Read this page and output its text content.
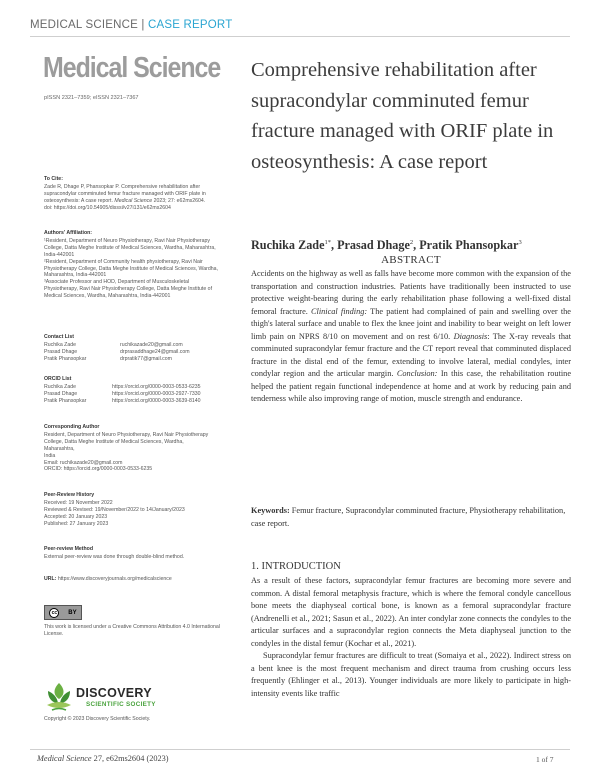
MEDICAL SCIENCE | CASE REPORT
Medical Science
pISSN 2321–7359; eISSN 2321–7367
Comprehensive rehabilitation after supracondylar comminuted femur fracture managed with ORIF plate in osteosynthesis: A case report
Ruchika Zade$^{1*}$, Prasad Dhage$^2$, Pratik Phansopkar$^3$
To Cite:
Zade R, Dhage P, Phansopkar P. Comprehensive rehabilitation after supracondylar comminuted femur fracture managed with ORIF plate in osteosynthesis: A case report. Medical Science 2023; 27: e62ms2604.
doi: https://doi.org/10.54905/disssi/v27i131/e62ms2604
Authors' Affiliation:
¹Resident, Department of Neuro Physiotherapy, Ravi Nair Physiotherapy College, Datta Meghe Institute of Medical Sciences, Wardha, Maharashtra, India-442001
²Resident, Department of Community health physiotherapy, Ravi Nair Physiotherapy College, Datta Meghe Institute of Medical Sciences, Wardha, Maharashtra, India-442001
³Associate Professor and HOD, Department of Musculoskeletal Physiotherapy, Ravi Nair Physiotherapy College, Datta Meghe Institute of Medical Sciences, Wardha, Maharashtra, India-442001
Contact List
Ruchika Zade	ruchikazade20@gmail.com
Prasad Dhage	drprasaddhage24@gmail.com
Pratik Phansopkar	drpratik77@gmail.com
ORCID List
Ruchika Zade	https://orcid.org/0000-0003-0533-6235
Prasad Dhage	https://orcid.org/0000-0003-2927-7330
Pratik Phansopkar	https://orcid.org/0000-0003-3639-8140
Corresponding Author
Resident, Department of Neuro Physiotherapy, Ravi Nair Physiotherapy College, Datta Meghe Institute of Medical Sciences, Wardha,
Maharashtra,
India
Email: ruchikazade20@gmail.com
ORCID: https://orcid.org/0000-0003-0533-6235
Peer-Review History
Received: 19 November 2022
Reviewed & Revised: 19/November/2022 to 14/January/2023
Accepted: 20 January 2023
Published: 27 January 2023
Peer-review Method
External peer-review was done through double-blind method.
URL: https://www.discoveryjournals.org/medicalscience
cc	BY
This work is licensed under a Creative Commons Attribution 4.0 International License.
DISCOVERY
SCIENTIFIC SOCIETY
Copyright © 2023 Discovery Scientific Society.
ABSTRACT
Accidents on the highway as well as falls have become more common with the expansion of the transportation and construction industries. Patients have traditionally been instructed to use protective weight-bearing during the early rehabilitation phase following a well-fixed distal femoral fracture. Clinical finding: The patient had complained of pain and swelling over the thigh's lateral surface and unable to flex the knee joint and inability to bear weight on left lower limb pain on NPRS 8/10 on movement and on rest 6/10. Diagnosis: The X-ray reveals that comminuted supracondylar femur fracture and the CT report reveal that comminuted displaced fracture in the distal end of the femur, extending to involve lateral, medial condyles, inter condylar region and the articular margin. Conclusion: In this case, the rehabilitation routine helped the patient regain functional independence at home and at work by reducing pain and tenderness while also improving range of motion, muscle strength and endurance.
Keywords: Femur fracture, Supracondylar comminuted fracture, Physiotherapy rehabilitation, case report.
1. INTRODUCTION

As a result of these factors, supracondylar femur fractures are becoming more severe and common. A distal femoral metaphysis fracture, which is where the femoral condyle cancellous bone meets the diaphyseal cortical bone, is known as a femoral supracondylar fracture (Andrenelli et al., 2021; Sasun et al., 2022). An inter condylar zone connects the condyles to the articular surfaces and a supracondylar region connects the Meta diaphyseal junction to the condyles in the distal femur (Kochar et al., 2021).

Supracondylar femur fractures are difficult to treat (Somaiya et al., 2022). Indirect stress on a bent knee is the most frequent mechanism and direct trauma from crushing occurs less frequently (Ehlinger et al., 2013). Younger individuals are more likely to participate in high-intensity events like traffic

Medical Science 27, e62ms2604 (2023)	1 of 7
